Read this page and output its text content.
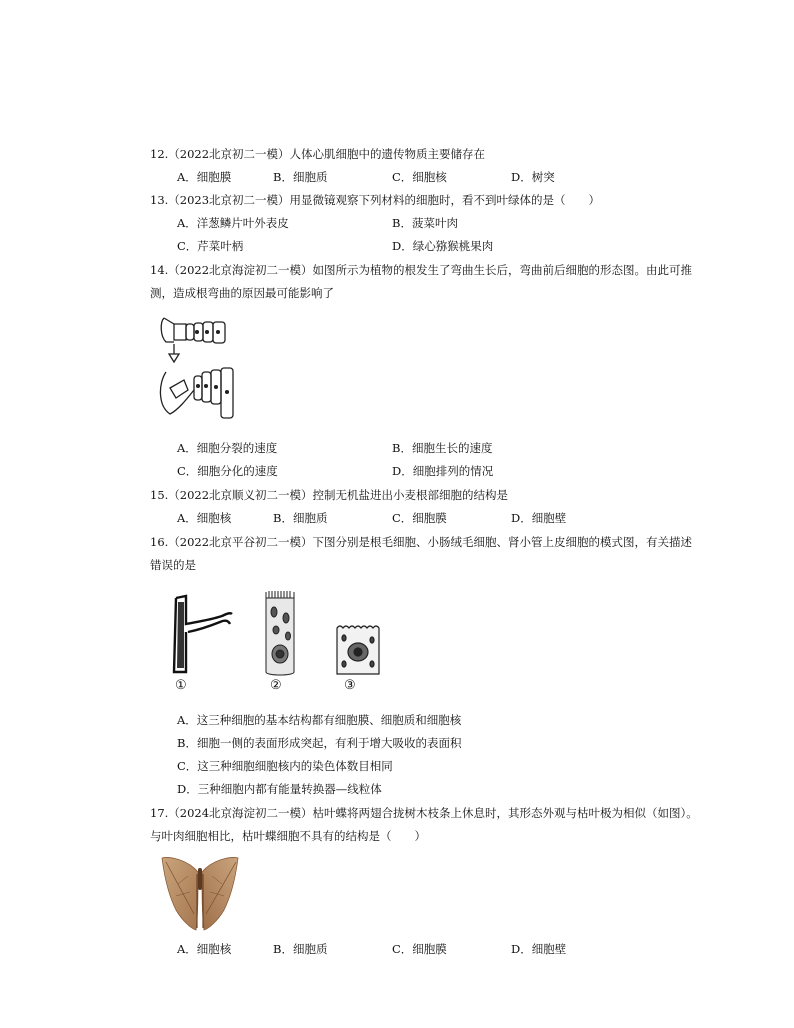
12.（2022北京初二一模）人体心肌细胞中的遗传物质主要储存在
A．细胞膜	B．细胞质	C．细胞核	D．树突
13.（2023北京初二一模）用显微镜观察下列材料的细胞时，看不到叶绿体的是（　　）
A．洋葱鳞片叶外表皮	B．菠菜叶肉
C．芹菜叶柄	D．绿心猕猴桃果肉
14.（2022北京海淀初二一模）如图所示为植物的根发生了弯曲生长后，弯曲前后细胞的形态图。由此可推
测，造成根弯曲的原因最可能影响了
A．细胞分裂的速度	B．细胞生长的速度
C．细胞分化的速度	D．细胞排列的情况
15.（2022北京顺义初二一模）控制无机盐进出小麦根部细胞的结构是
A．细胞核	B．细胞质	C．细胞膜	D．细胞壁
16.（2022北京平谷初二一模）下图分别是根毛细胞、小肠绒毛细胞、肾小管上皮细胞的模式图，有关描述
错误的是
①	②	③
A．这三种细胞的基本结构都有细胞膜、细胞质和细胞核
B．细胞一侧的表面形成突起，有利于增大吸收的表面积
C．这三种细胞细胞核内的染色体数目相同
D．三种细胞内都有能量转换器—线粒体
17.（2024北京海淀初二一模）枯叶蝶将两翅合拢树木枝条上休息时，其形态外观与枯叶极为相似（如图）。
与叶肉细胞相比，枯叶蝶细胞不具有的结构是（　　）
A．细胞核	B．细胞质	C．细胞膜	D．细胞壁
